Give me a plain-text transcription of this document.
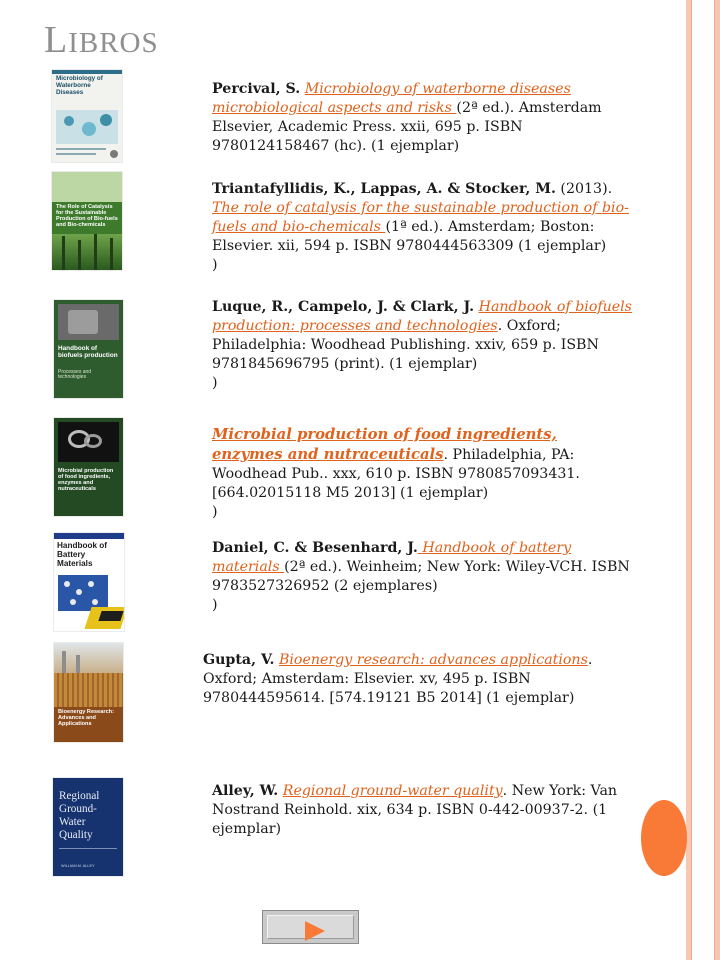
LIBROS
Microbiology of Waterborne Diseases	Percival, S. Microbiology of waterborne diseases microbiological aspects and risks (2ª ed.). Amsterdam Elsevier, Academic Press. xxii, 695 p. ISBN 9780124158467 (hc). (1 ejemplar)
The Role of Catalysis for the Sustainable Production of Bio-fuels and Bio-chemicals
Triantafyllidis, K., Lappas, A. & Stocker, M. (2013). The role of catalysis for the sustainable production of bio-fuels and bio-chemicals (1ª ed.). Amsterdam; Boston: Elsevier. xii, 594 p. ISBN 9780444563309 (1 ejemplar)
)
Handbook of biofuels production
Processes and technologies
Luque, R., Campelo, J. & Clark, J. Handbook of biofuels production: processes and technologies. Oxford; Philadelphia: Woodhead Publishing. xxiv, 659 p. ISBN 9781845696795 (print). (1 ejemplar)
)
Microbial production of food ingredients, enzymes and nutraceuticals
Microbial production of food ingredients, enzymes and nutraceuticals. Philadelphia, PA: Woodhead Pub.. xxx, 610 p. ISBN 9780857093431. [664.02015118 M5 2013] (1 ejemplar)
)
Handbook of Battery Materials
Daniel, C. & Besenhard, J. Handbook of battery materials (2ª ed.). Weinheim; New York: Wiley-VCH. ISBN 9783527326952 (2 ejemplares)
)
Bioenergy Research: Advances and Applications
Gupta, V. Bioenergy research: advances applications. Oxford; Amsterdam: Elsevier. xv, 495 p. ISBN 9780444595614. [574.19121 B5 2014] (1 ejemplar)
Regional Ground-Water Quality
WILLIAM M. ALLEY
Alley, W. Regional ground-water quality. New York: Van Nostrand Reinhold. xix, 634 p. ISBN 0-442-00937-2. (1 ejemplar)
